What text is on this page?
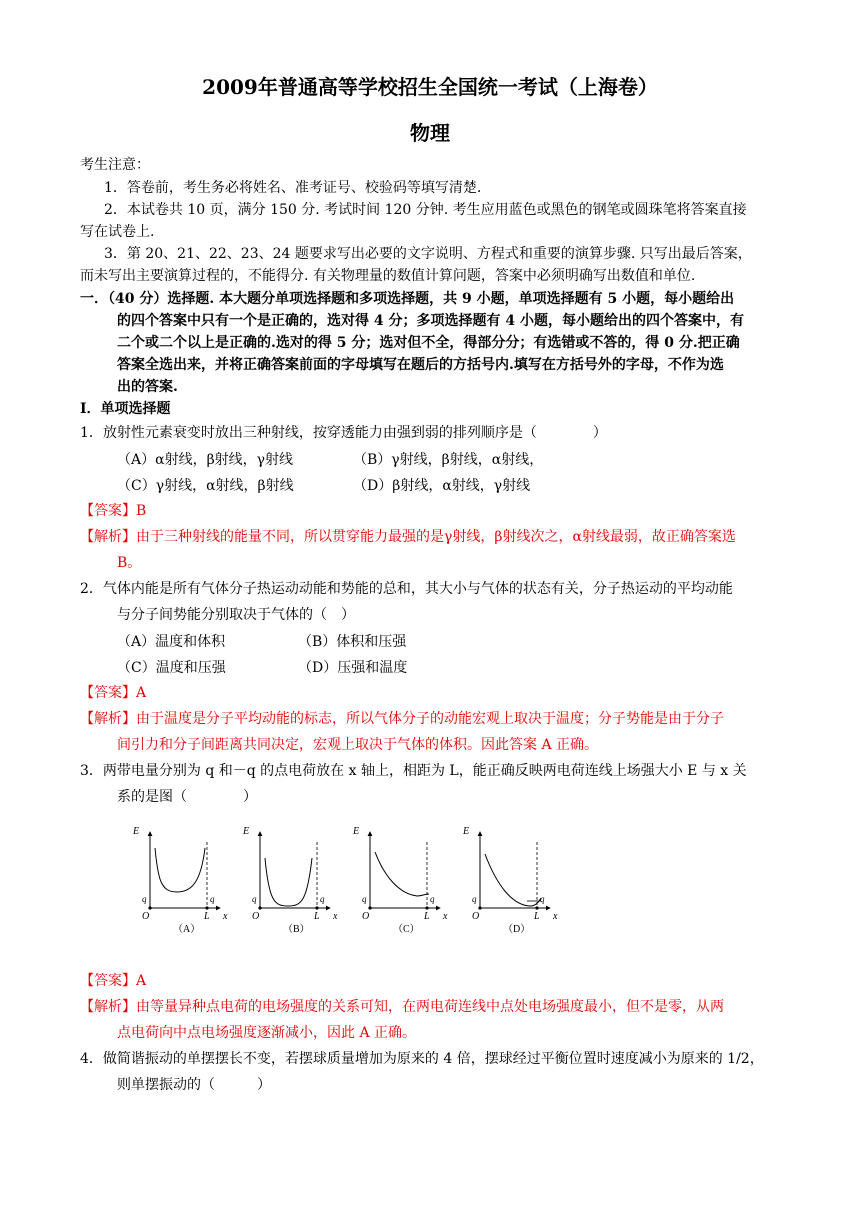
2009年普通高等学校招生全国统一考试（上海卷）
物理
考生注意：
1．答卷前，考生务必将姓名、准考证号、校验码等填写清楚.
2．本试卷共 10 页，满分 150 分. 考试时间 120 分钟. 考生应用蓝色或黑色的钢笔或圆珠笔将答案直接
写在试卷上.
3．第 20、21、22、23、24 题要求写出必要的文字说明、方程式和重要的演算步骤. 只写出最后答案，
而未写出主要演算过程的，不能得分. 有关物理量的数值计算问题，答案中必须明确写出数值和单位.
一．（40 分）选择题. 本大题分单项选择题和多项选择题，共 9 小题，单项选择题有 5 小题，每小题给出
的四个答案中只有一个是正确的，选对得 4 分；多项选择题有 4 小题，每小题给出的四个答案中，有
二个或二个以上是正确的.选对的得 5 分；选对但不全，得部分分；有选错或不答的，得 0 分.把正确
答案全选出来，并将正确答案前面的字母填写在题后的方括号内.填写在方括号外的字母，不作为选
出的答案.
I．单项选择题
1．放射性元素衰变时放出三种射线，按穿透能力由强到弱的排列顺序是（　　　　）
（A）α射线，β射线，γ射线	（B）γ射线，β射线，α射线，
（C）γ射线，α射线，β射线	（D）β射线，α射线，γ射线
【答案】B
【解析】由于三种射线的能量不同，所以贯穿能力最强的是γ射线，β射线次之，α射线最弱，故正确答案选
B。
2．气体内能是所有气体分子热运动动能和势能的总和，其大小与气体的状态有关，分子热运动的平均动能
与分子间势能分别取决于气体的（　）
（A）温度和体积	（B）体积和压强
（C）温度和压强	（D）压强和温度
【答案】A
【解析】由于温度是分子平均动能的标志，所以气体分子的动能宏观上取决于温度；分子势能是由于分子
间引力和分子间距离共同决定，宏观上取决于气体的体积。因此答案 A 正确。
3．两带电量分别为 q 和－q 的点电荷放在 x 轴上，相距为 L，能正确反映两电荷连线上场强大小 E 与 x 关
系的是图（　　　　）
E
q	q
O	L x
（A）
E
q	q
O	L x
（B）
E
q	q
O	L x
（C）
E
q	q
O	L x
（D）
【答案】A
【解析】由等量异种点电荷的电场强度的关系可知，在两电荷连线中点处电场强度最小，但不是零，从两
点电荷向中点电场强度逐渐减小，因此 A 正确。
4．做简谐振动的单摆摆长不变，若摆球质量增加为原来的 4 倍，摆球经过平衡位置时速度减小为原来的 1/2，
则单摆振动的（　　　）
